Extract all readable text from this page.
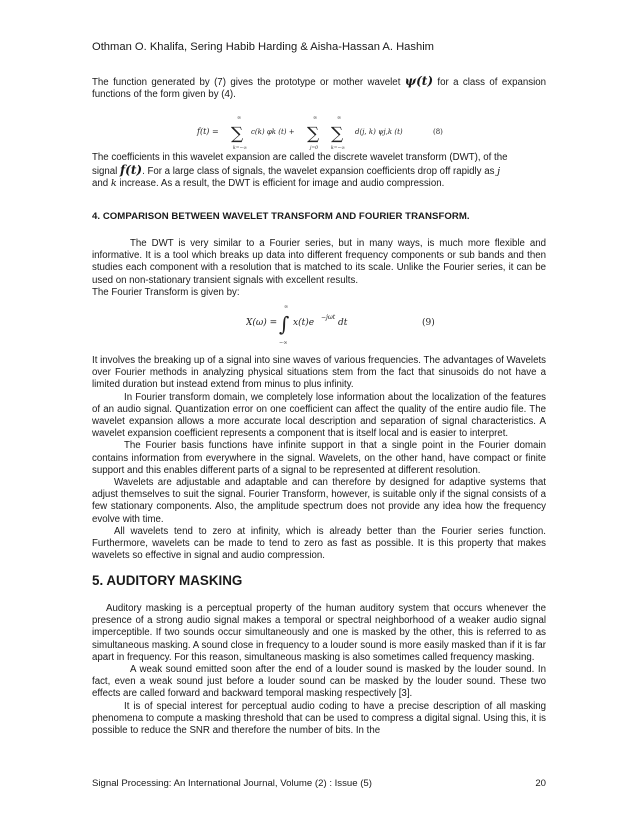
Othman O. Khalifa, Sering Habib Harding & Aisha-Hassan A. Hashim
The function generated by (7) gives the prototype or mother wavelet ψ(t) for a class of expansion functions of the form given by (4).
f(t) =
∞
∑
k=−∞
c(k) φk (t) +
∞
∑
j=0
∞
∑
k=−∞
d(j, k) ψj,k (t)	(8)
The coefficients in this wavelet expansion are called the discrete wavelet transform (DWT), of the
signal f(t). For a large class of signals, the wavelet expansion coefficients drop off rapidly as j
and k increase. As a result, the DWT is efficient for image and audio compression.
4. COMPARISON BETWEEN WAVELET TRANSFORM AND FOURIER TRANSFORM.

The DWT is very similar to a Fourier series, but in many ways, is much more flexible and informative. It is a tool which breaks up data into different frequency components or sub bands and then studies each component with a resolution that is matched to its scale. Unlike the Fourier series, it can be used on non-stationary transient signals with excellent results.

The Fourier Transform is given by:

X(ω) =
∞
∫
−∞
x(t)e
−jωt
dt	(9)

It involves the breaking up of a signal into sine waves of various frequencies. The advantages of Wavelets over Fourier methods in analyzing physical situations stem from the fact that sinusoids do not have a limited duration but instead extend from minus to plus infinity.

In Fourier transform domain, we completely lose information about the localization of the features of an audio signal. Quantization error on one coefficient can affect the quality of the entire audio file. The wavelet expansion allows a more accurate local description and separation of signal characteristics. A wavelet expansion coefficient represents a component that is itself local and is easier to interpret.

The Fourier basis functions have infinite support in that a single point in the Fourier domain contains information from everywhere in the signal. Wavelets, on the other hand, have compact or finite support and this enables different parts of a signal to be represented at different resolution.

Wavelets are adjustable and adaptable and can therefore by designed for adaptive systems that adjust themselves to suit the signal. Fourier Transform, however, is suitable only if the signal consists of a few stationary components. Also, the amplitude spectrum does not provide any idea how the frequency evolve with time.

All wavelets tend to zero at infinity, which is already better than the Fourier series function. Furthermore, wavelets can be made to tend to zero as fast as possible. It is this property that makes wavelets so effective in signal and audio compression.

5. AUDITORY MASKING

Auditory masking is a perceptual property of the human auditory system that occurs whenever the presence of a strong audio signal makes a temporal or spectral neighborhood of a weaker audio signal imperceptible. If two sounds occur simultaneously and one is masked by the other, this is referred to as simultaneous masking. A sound close in frequency to a louder sound is more easily masked than if it is far apart in frequency. For this reason, simultaneous masking is also sometimes called frequency masking.

A weak sound emitted soon after the end of a louder sound is masked by the louder sound. In fact, even a weak sound just before a louder sound can be masked by the louder sound. These two effects are called forward and backward temporal masking respectively [3].

It is of special interest for perceptual audio coding to have a precise description of all masking phenomena to compute a masking threshold that can be used to compress a digital signal. Using this, it is possible to reduce the SNR and therefore the number of bits. In the

Signal Processing: An International Journal, Volume (2) : Issue (5)	20
